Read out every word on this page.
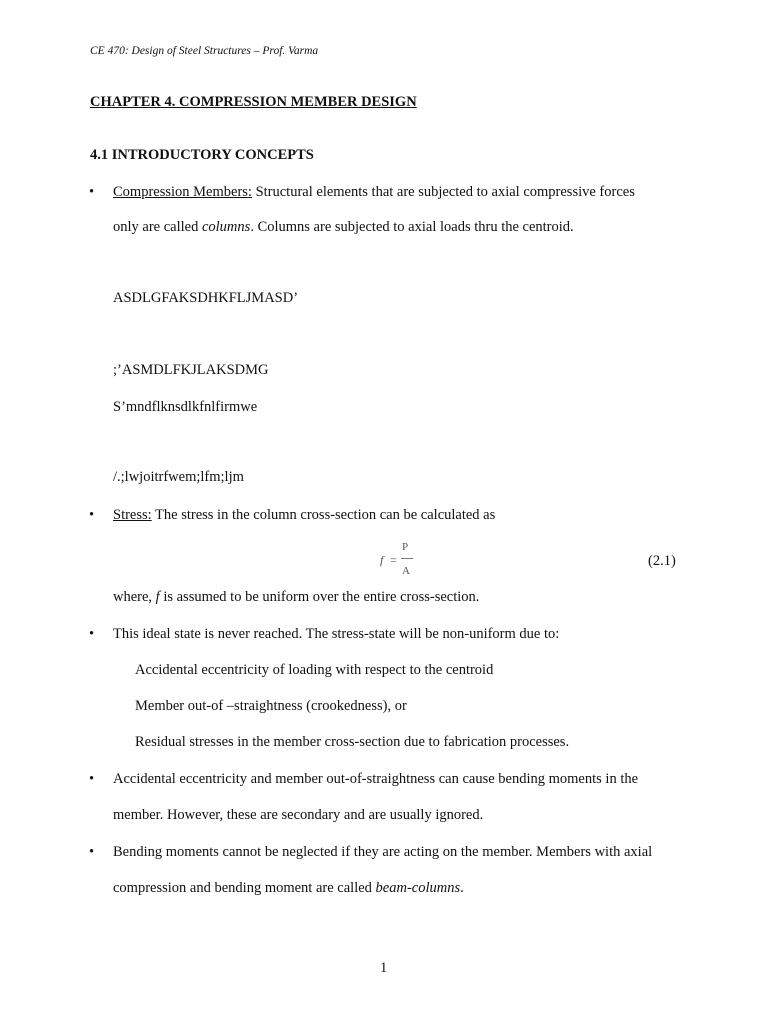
CE 470: Design of Steel Structures – Prof. Varma
CHAPTER 4. COMPRESSION MEMBER DESIGN
4.1 INTRODUCTORY CONCEPTS
• Compression Members: Structural elements that are subjected to axial compressive forces
only are called columns. Columns are subjected to axial loads thru the centroid.
ASDLGFAKSDHKFLJMASD’
;’ASMDLFKJLAKSDMG
S’mndflknsdlkfnlfirmwe
/.;lwjoitrfwem;lfm;ljm
• Stress: The stress in the column cross-section can be calculated as
f =
P
A
(2.1)
where, f is assumed to be uniform over the entire cross-section.
• This ideal state is never reached. The stress-state will be non-uniform due to:
Accidental eccentricity of loading with respect to the centroid
Member out-of –straightness (crookedness), or
Residual stresses in the member cross-section due to fabrication processes.
• Accidental eccentricity and member out-of-straightness can cause bending moments in the
member. However, these are secondary and are usually ignored.
• Bending moments cannot be neglected if they are acting on the member. Members with axial
compression and bending moment are called beam-columns.
1
